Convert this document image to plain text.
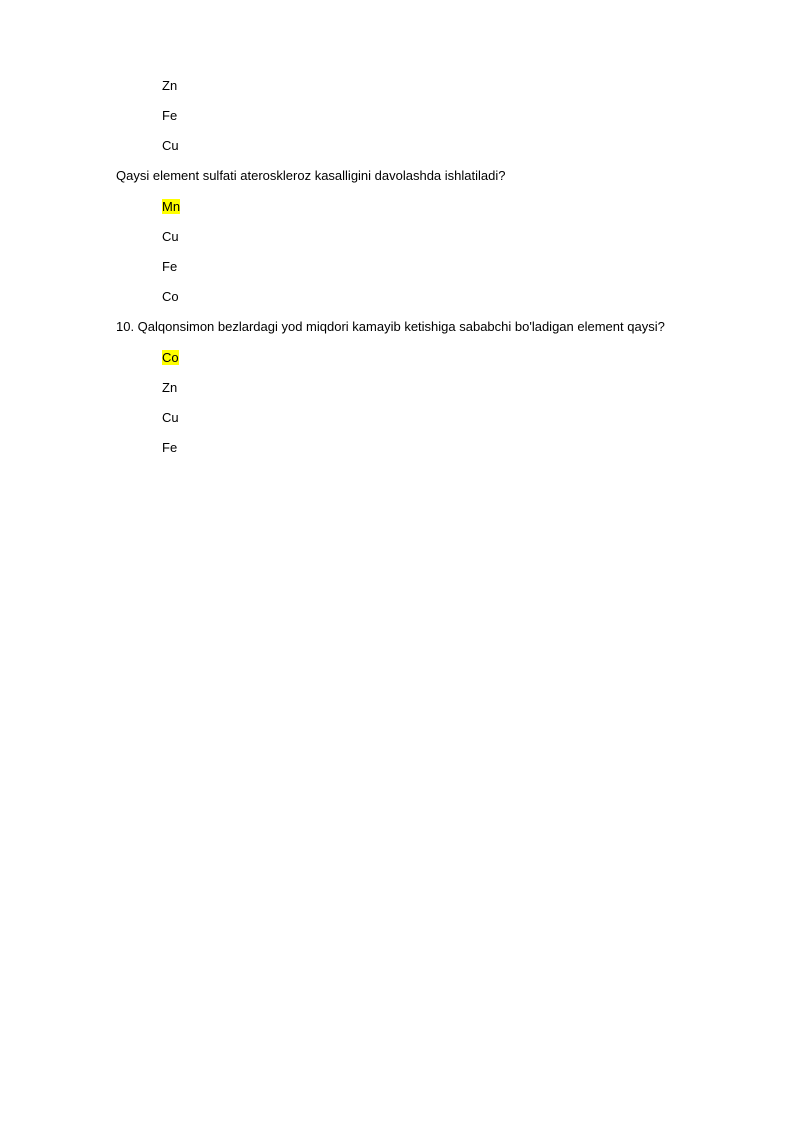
Zn
Fe
Cu
Qaysi element sulfati ateroskleroz kasalligini davolashda ishlatiladi?
Mn
Cu
Fe
Co
10. Qalqonsimon bezlardagi yod miqdori kamayib ketishiga sababchi bo'ladigan element qaysi?
Co
Zn
Cu
Fe
